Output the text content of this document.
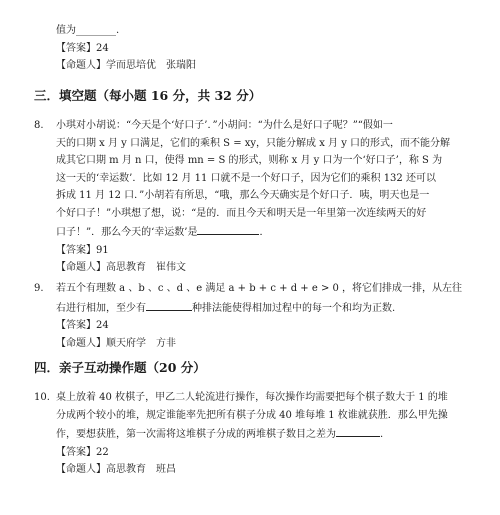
值为________.

【答案】24

【命题人】学而思培优　张瑞阳

三．填空题（每小题 16 分，共 32 分）

8. 小琪对小胡说：“今天是个‘好口子’．”小胡问：“为什么是好口子呢？”“假如一

天的口期 x 月 y 口满足，它们的乘积 S = xy，只能分解成 x 月 y 口的形式，而不能分解

成其它口期 m 月 n 口，使得 mn = S 的形式，则称 x 月 y 口为一个‘好口子’，称 S 为

这一天的‘幸运数’．比如 12 月 11 口就不是一个好口子，因为它们的乘积 132 还可以

拆成 11 月 12 口．”小胡若有所思，“哦，那么今天确实是个好口子．咦，明天也是一

个好口子！”小琪想了想，说：“是的．而且今天和明天是一年里第一次连续两天的好

口子！”．那么今天的‘幸运数’是	．

【答案】91

【命题人】高思教育　崔伟文

9. 若五个有理数 a 、b 、c 、d 、e 满足 a + b + c + d + e > 0 ，将它们排成一排，从左往

右进行相加，至少有	种排法能使得相加过程中的每一个和均为正数.

【答案】24

【命题人】顺天府学　方非

四．亲子互动操作题（20 分）

10. 桌上放着 40 枚棋子，甲乙二人轮流进行操作，每次操作均需要把每个棋子数大于 1 的堆

分成两个较小的堆，规定谁能率先把所有棋子分成 40 堆每堆 1 枚谁就获胜．那么甲先操

作，要想获胜，第一次需将这堆棋子分成的两堆棋子数目之差为	.

【答案】22

【命题人】高思教育　班昌
